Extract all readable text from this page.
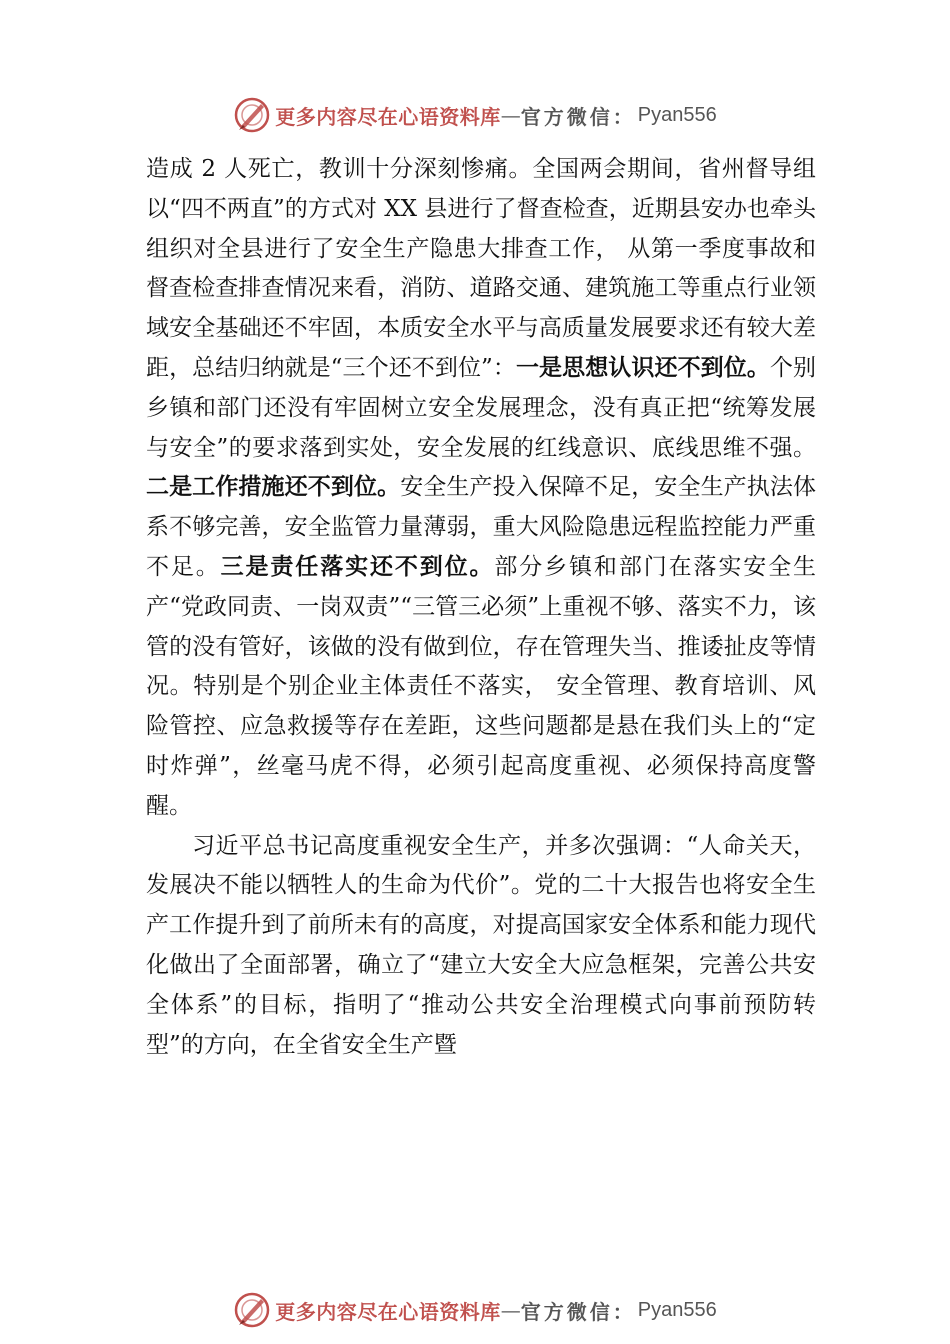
更多内容尽在心语资料库 — 官方微信： Pyan556

造成 2 人死亡，教训十分深刻惨痛。全国两会期间，省州督导组以“四不两直”的方式对 XX 县进行了督查检查，近期县安办也牵头组织对全县进行了安全生产隐患大排查工作， 从第一季度事故和督查检查排查情况来看，消防、道路交通、建筑施工等重点行业领域安全基础还不牢固，本质安全水平与高质量发展要求还有较大差距，总结归纳就是“三个还不到位”：一是思想认识还不到位。个别乡镇和部门还没有牢固树立安全发展理念，没有真正把“统筹发展与安全”的要求落到实处，安全发展的红线意识、底线思维不强。二是工作措施还不到位。安全生产投入保障不足，安全生产执法体系不够完善，安全监管力量薄弱，重大风险隐患远程监控能力严重不足。三是责任落实还不到位。部分乡镇和部门在落实安全生产“党政同责、一岗双责”“三管三必须”上重视不够、落实不力，该管的没有管好，该做的没有做到位，存在管理失当、推诿扯皮等情况。特别是个别企业主体责任不落实， 安全管理、教育培训、风险管控、应急救援等存在差距，这些问题都是悬在我们头上的“定时炸弹”，丝毫马虎不得，必须引起高度重视、必须保持高度警醒。

习近平总书记高度重视安全生产，并多次强调：“人命关天，发展决不能以牺牲人的生命为代价”。党的二十大报告也将安全生产工作提升到了前所未有的高度，对提高国家安全体系和能力现代化做出了全面部署，确立了“建立大安全大应急框架，完善公共安全体系”的目标，指明了“推动公共安全治理模式向事前预防转型”的方向，在全省安全生产暨

更多内容尽在心语资料库 — 官方微信： Pyan556
